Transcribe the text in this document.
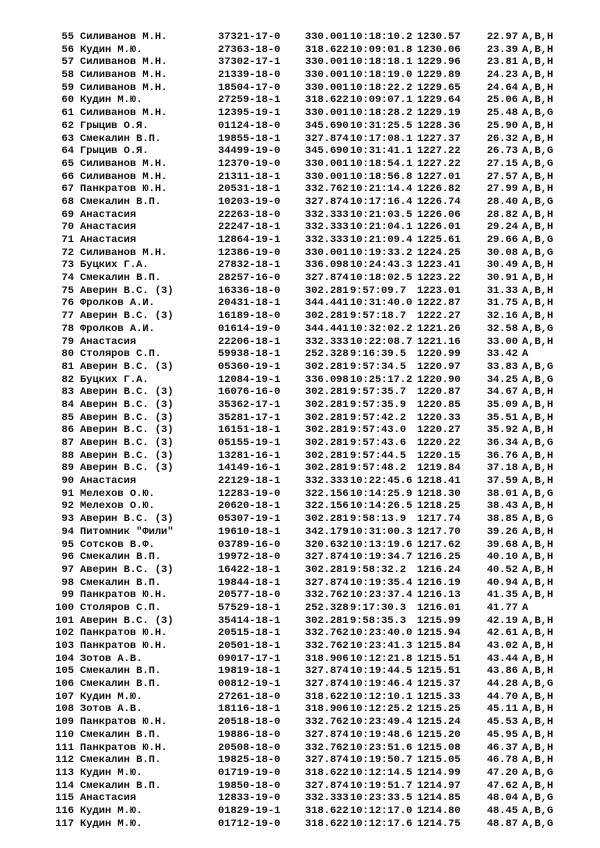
55 Силиванов М.Н.	37321-17-0 330.001 10:18:10.2 1230.57	22.97 A,B,H
56 Кудин М.Ю.	27363-18-0 318.622 10:09:01.8 1230.06	23.39 A,B,H
57 Силиванов М.Н.	37302-17-1 330.001 10:18:18.1 1229.96	23.81 A,B,H
58 Силиванов М.Н.	21339-18-0 330.001 10:18:19.0 1229.89	24.23 A,B,H
59 Силиванов М.Н.	18504-17-0 330.001 10:18:22.2 1229.65	24.64 A,B,H
60 Кудин М.Ю.	27259-18-1 318.622 10:09:07.1 1229.64	25.06 A,B,H
61 Силиванов М.Н.	12395-19-1 330.001 10:18:28.2 1229.19	25.48 A,B,G
62 Грыцив О.Я.	01124-18-0 345.690 10:31:25.5 1228.36	25.90 A,B,H
63 Смекалин В.П.	19855-18-1 327.874 10:17:08.1 1227.37	26.32 A,B,H
64 Грыцив О.Я.	34499-19-0 345.690 10:31:41.1 1227.22	26.73 A,B,G
65 Силиванов М.Н.	12370-19-0 330.001 10:18:54.1 1227.22	27.15 A,B,G
66 Силиванов М.Н.	21311-18-1 330.001 10:18:56.8 1227.01	27.57 A,B,H
67 Панкратов Ю.Н.	20531-18-1 332.762 10:21:14.4 1226.82	27.99 A,B,H
68 Смекалин В.П.	10203-19-0 327.874 10:17:16.4 1226.74	28.40 A,B,G
69 Анастасия	22263-18-0 332.333 10:21:03.5 1226.06	28.82 A,B,H
70 Анастасия	22247-18-1 332.333 10:21:04.1 1226.01	29.24 A,B,H
71 Анастасия	12864-19-1 332.333 10:21:09.4 1225.61	29.66 A,B,G
72 Силиванов М.Н.	12386-19-0 330.001 10:19:33.2 1224.25	30.08 A,B,G
73 Буцких Г.А.	27832-18-1 336.098 10:24:43.3 1223.41	30.49 A,B,H
74 Смекалин В.П.	28257-16-0 327.874 10:18:02.5 1223.22	30.91 A,B,H
75 Аверин В.С. (3)	16336-18-0 302.281 9:57:09.7 1223.01	31.33 A,B,H
76 Фролков А.И.	20431-18-1 344.441 10:31:40.0 1222.87	31.75 A,B,H
77 Аверин В.С. (3)	16189-18-0 302.281 9:57:18.7 1222.27	32.16 A,B,H
78 Фролков А.И.	01614-19-0 344.441 10:32:02.2 1221.26	32.58 A,B,G
79 Анастасия	22206-18-1 332.333 10:22:08.7 1221.16	33.00 A,B,H
80 Столяров С.П.	59938-18-1 252.328 9:16:39.5 1220.99	33.42 A
81 Аверин В.С. (3)	05360-19-1 302.281 9:57:34.5 1220.97	33.83 A,B,G
82 Буцких Г.А.	12084-19-1 336.098 10:25:17.2 1220.90	34.25 A,B,G
83 Аверин В.С. (3)	16076-16-0 302.281 9:57:35.7 1220.87	34.67 A,B,H
84 Аверин В.С. (3)	35362-17-1 302.281 9:57:35.9 1220.85	35.09 A,B,H
85 Аверин В.С. (3)	35281-17-1 302.281 9:57:42.2 1220.33	35.51 A,B,H
86 Аверин В.С. (3)	16151-18-1 302.281 9:57:43.0 1220.27	35.92 A,B,H
87 Аверин В.С. (3)	05155-19-1 302.281 9:57:43.6 1220.22	36.34 A,B,G
88 Аверин В.С. (3)	13281-16-1 302.281 9:57:44.5 1220.15	36.76 A,B,H
89 Аверин В.С. (3)	14149-16-1 302.281 9:57:48.2 1219.84	37.18 A,B,H
90 Анастасия	22129-18-1 332.333 10:22:45.6 1218.41	37.59 A,B,H
91 Мелехов О.Ю.	12283-19-0 322.156 10:14:25.9 1218.30	38.01 A,B,G
92 Мелехов О.Ю.	20620-18-1 322.156 10:14:26.5 1218.25	38.43 A,B,H
93 Аверин В.С. (3)	05307-19-1 302.281 9:58:13.9 1217.74	38.85 A,B,G
94 Питомник "Фили"	19610-18-1 342.179 10:31:00.3 1217.70	39.26 A,B,H
95 Сотсков В.Ф.	03789-16-0 320.632 10:13:19.6 1217.62	39.68 A,B,H
96 Смекалин В.П.	19972-18-0 327.874 10:19:34.7 1216.25	40.10 A,B,H
97 Аверин В.С. (3)	16422-18-1 302.281 9:58:32.2 1216.24	40.52 A,B,H
98 Смекалин В.П.	19844-18-1 327.874 10:19:35.4 1216.19	40.94 A,B,H
99 Панкратов Ю.Н.	20577-18-0 332.762 10:23:37.4 1216.13	41.35 A,B,H
100 Столяров С.П.	57529-18-1 252.328 9:17:30.3 1216.01	41.77 A
101 Аверин В.С. (3)	35414-18-1 302.281 9:58:35.3 1215.99	42.19 A,B,H
102 Панкратов Ю.Н.	20515-18-1 332.762 10:23:40.0 1215.94	42.61 A,B,H
103 Панкратов Ю.Н.	20501-18-1 332.762 10:23:41.3 1215.84	43.02 A,B,H
104 Зотов А.В.	09017-17-1 318.906 10:12:21.8 1215.51	43.44 A,B,H
105 Смекалин В.П.	19819-18-1 327.874 10:19:44.5 1215.51	43.86 A,B,H
106 Смекалин В.П.	00812-19-1 327.874 10:19:46.4 1215.37	44.28 A,B,G
107 Кудин М.Ю.	27261-18-0 318.622 10:12:10.1 1215.33	44.70 A,B,H
108 Зотов А.В.	18116-18-1 318.906 10:12:25.2 1215.25	45.11 A,B,H
109 Панкратов Ю.Н.	20518-18-0 332.762 10:23:49.4 1215.24	45.53 A,B,H
110 Смекалин В.П.	19886-18-0 327.874 10:19:48.6 1215.20	45.95 A,B,H
111 Панкратов Ю.Н.	20508-18-0 332.762 10:23:51.6 1215.08	46.37 A,B,H
112 Смекалин В.П.	19825-18-0 327.874 10:19:50.7 1215.05	46.78 A,B,H
113 Кудин М.Ю.	01719-19-0 318.622 10:12:14.5 1214.99	47.20 A,B,G
114 Смекалин В.П.	19850-18-0 327.874 10:19:51.7 1214.97	47.62 A,B,H
115 Анастасия	12833-19-0 332.333 10:23:33.5 1214.85	48.04 A,B,G
116 Кудин М.Ю.	01829-19-1 318.622 10:12:17.0 1214.80	48.45 A,B,G
117 Кудин М.Ю.	01712-19-0 318.622 10:12:17.6 1214.75	48.87 A,B,G
